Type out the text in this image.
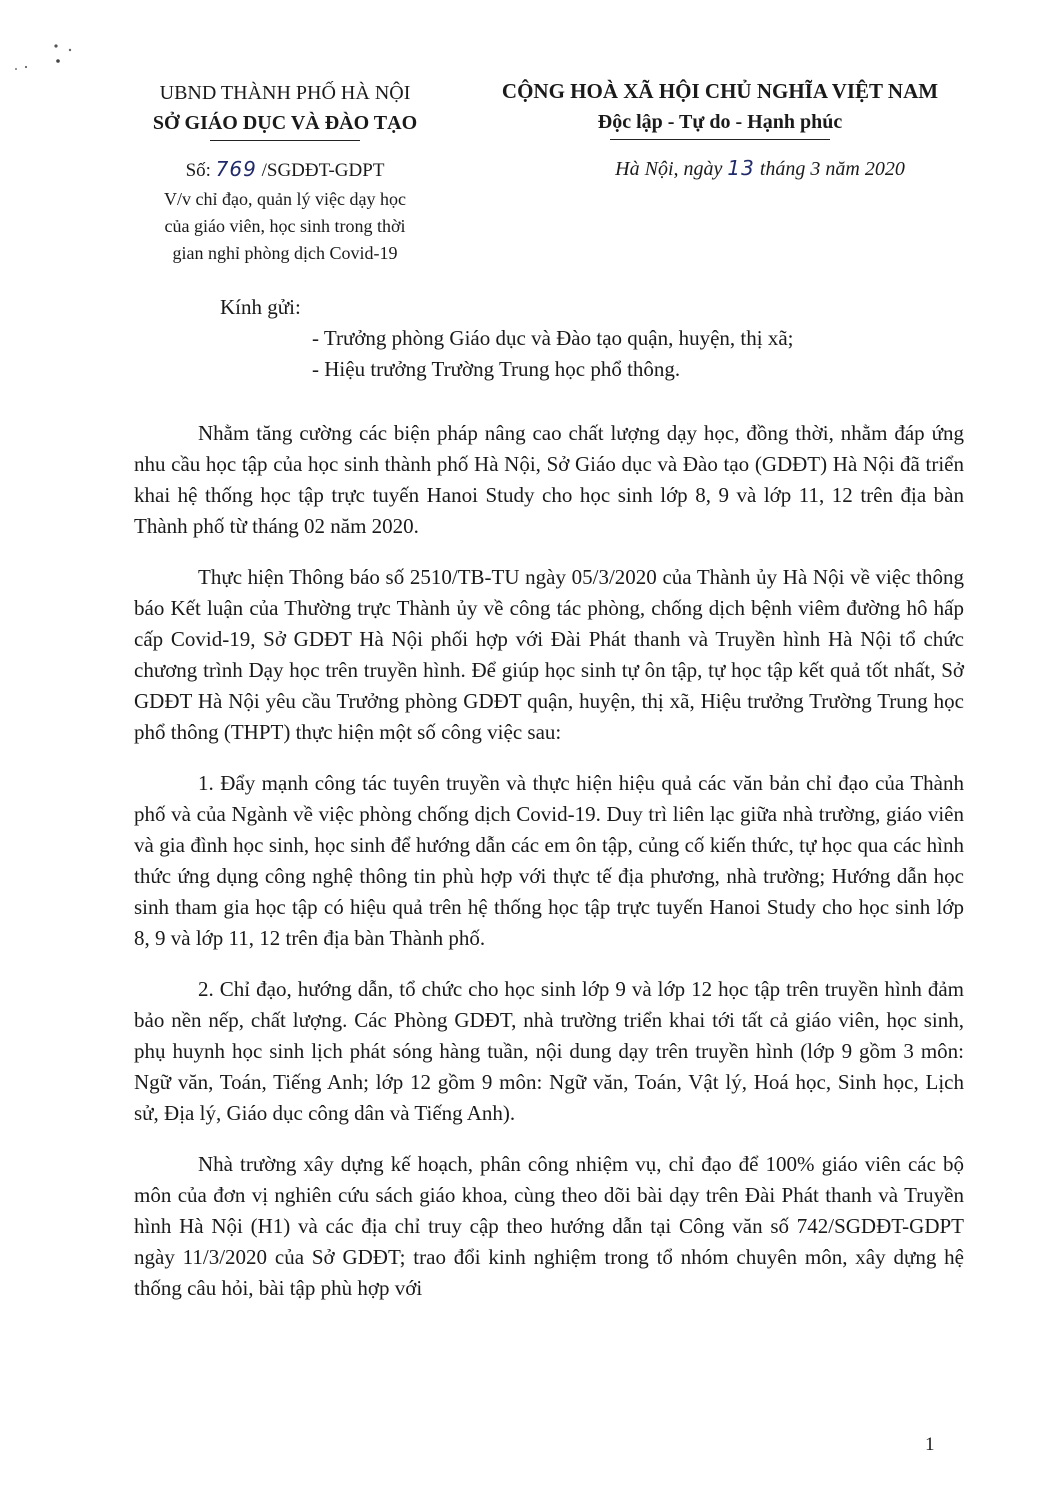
UBND THÀNH PHỐ HÀ NỘI
SỞ GIÁO DỤC VÀ ĐÀO TẠO
CỘNG HOÀ XÃ HỘI CHỦ NGHĨA VIỆT NAM
Độc lập - Tự do - Hạnh phúc
Số: 769 /SGDĐT-GDPT
V/v chỉ đạo, quản lý việc dạy học
của giáo viên, học sinh trong thời
gian nghỉ phòng dịch Covid-19
Hà Nội, ngày 13 tháng 3 năm 2020
Kính gửi:
- Trưởng phòng Giáo dục và Đào tạo quận, huyện, thị xã;
- Hiệu trưởng Trường Trung học phổ thông.

Nhằm tăng cường các biện pháp nâng cao chất lượng dạy học, đồng thời, nhằm đáp ứng nhu cầu học tập của học sinh thành phố Hà Nội, Sở Giáo dục và Đào tạo (GDĐT) Hà Nội đã triển khai hệ thống học tập trực tuyến Hanoi Study cho học sinh lớp 8, 9 và lớp 11, 12 trên địa bàn Thành phố từ tháng 02 năm 2020.

Thực hiện Thông báo số 2510/TB-TU ngày 05/3/2020 của Thành ủy Hà Nội về việc thông báo Kết luận của Thường trực Thành ủy về công tác phòng, chống dịch bệnh viêm đường hô hấp cấp Covid-19, Sở GDĐT Hà Nội phối hợp với Đài Phát thanh và Truyền hình Hà Nội tổ chức chương trình Dạy học trên truyền hình. Để giúp học sinh tự ôn tập, tự học tập kết quả tốt nhất, Sở GDĐT Hà Nội yêu cầu Trưởng phòng GDĐT quận, huyện, thị xã, Hiệu trưởng Trường Trung học phổ thông (THPT) thực hiện một số công việc sau:

1. Đẩy mạnh công tác tuyên truyền và thực hiện hiệu quả các văn bản chỉ đạo của Thành phố và của Ngành về việc phòng chống dịch Covid-19. Duy trì liên lạc giữa nhà trường, giáo viên và gia đình học sinh, học sinh để hướng dẫn các em ôn tập, củng cố kiến thức, tự học qua các hình thức ứng dụng công nghệ thông tin phù hợp với thực tế địa phương, nhà trường; Hướng dẫn học sinh tham gia học tập có hiệu quả trên hệ thống học tập trực tuyến Hanoi Study cho học sinh lớp 8, 9 và lớp 11, 12 trên địa bàn Thành phố.

2. Chỉ đạo, hướng dẫn, tổ chức cho học sinh lớp 9 và lớp 12 học tập trên truyền hình đảm bảo nền nếp, chất lượng. Các Phòng GDĐT, nhà trường triển khai tới tất cả giáo viên, học sinh, phụ huynh học sinh lịch phát sóng hàng tuần, nội dung dạy trên truyền hình (lớp 9 gồm 3 môn: Ngữ văn, Toán, Tiếng Anh; lớp 12 gồm 9 môn: Ngữ văn, Toán, Vật lý, Hoá học, Sinh học, Lịch sử, Địa lý, Giáo dục công dân và Tiếng Anh).

Nhà trường xây dựng kế hoạch, phân công nhiệm vụ, chỉ đạo để 100% giáo viên các bộ môn của đơn vị nghiên cứu sách giáo khoa, cùng theo dõi bài dạy trên Đài Phát thanh và Truyền hình Hà Nội (H1) và các địa chỉ truy cập theo hướng dẫn tại Công văn số 742/SGDĐT-GDPT ngày 11/3/2020 của Sở GDĐT; trao đổi kinh nghiệm trong tổ nhóm chuyên môn, xây dựng hệ thống câu hỏi, bài tập phù hợp với

1
